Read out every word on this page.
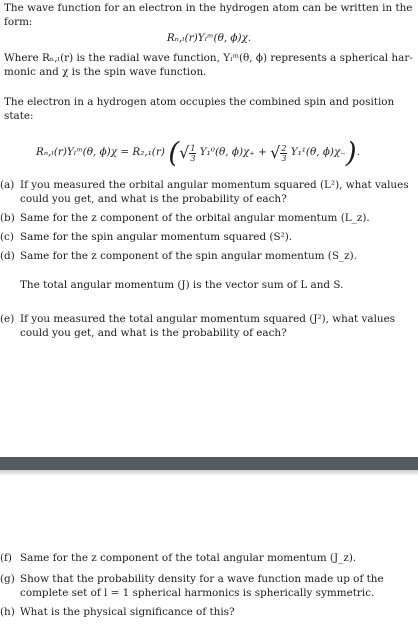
The wave function for an electron in the hydrogen atom can be written in the
form:
Rₙ,ₗ(r)Yₗᵐ(θ, ϕ)χ.
Where Rₙ,ₗ(r) is the radial wave function, Yₗᵐ(θ, ϕ) represents a spherical har-
monic and χ is the spin wave function.
The electron in a hydrogen atom occupies the combined spin and position
state:
Rₙ,ₗ(r)Yₗᵐ(θ, ϕ)χ = R₂,₁(r) (√ $\frac{1}{3} Y_1^0(\theta$, ϕ)χ₊ + √ $\frac{2}{3} Y_1^1(\theta$, ϕ)χ₋).
(a) If you measured the orbital angular momentum squared (L²), what values
could you get, and what is the probability of each?
(b) Same for the z component of the orbital angular momentum (L_z).
(c) Same for the spin angular momentum squared (S²).
(d) Same for the z component of the spin angular momentum (S_z).
The total angular momentum (J) is the vector sum of L and S.
(e) If you measured the total angular momentum squared (J²), what values
could you get, and what is the probability of each?
(f) Same for the z component of the total angular momentum (J_z).
(g) Show that the probability density for a wave function made up of the
complete set of l = 1 spherical harmonics is spherically symmetric.
(h) What is the physical significance of this?
